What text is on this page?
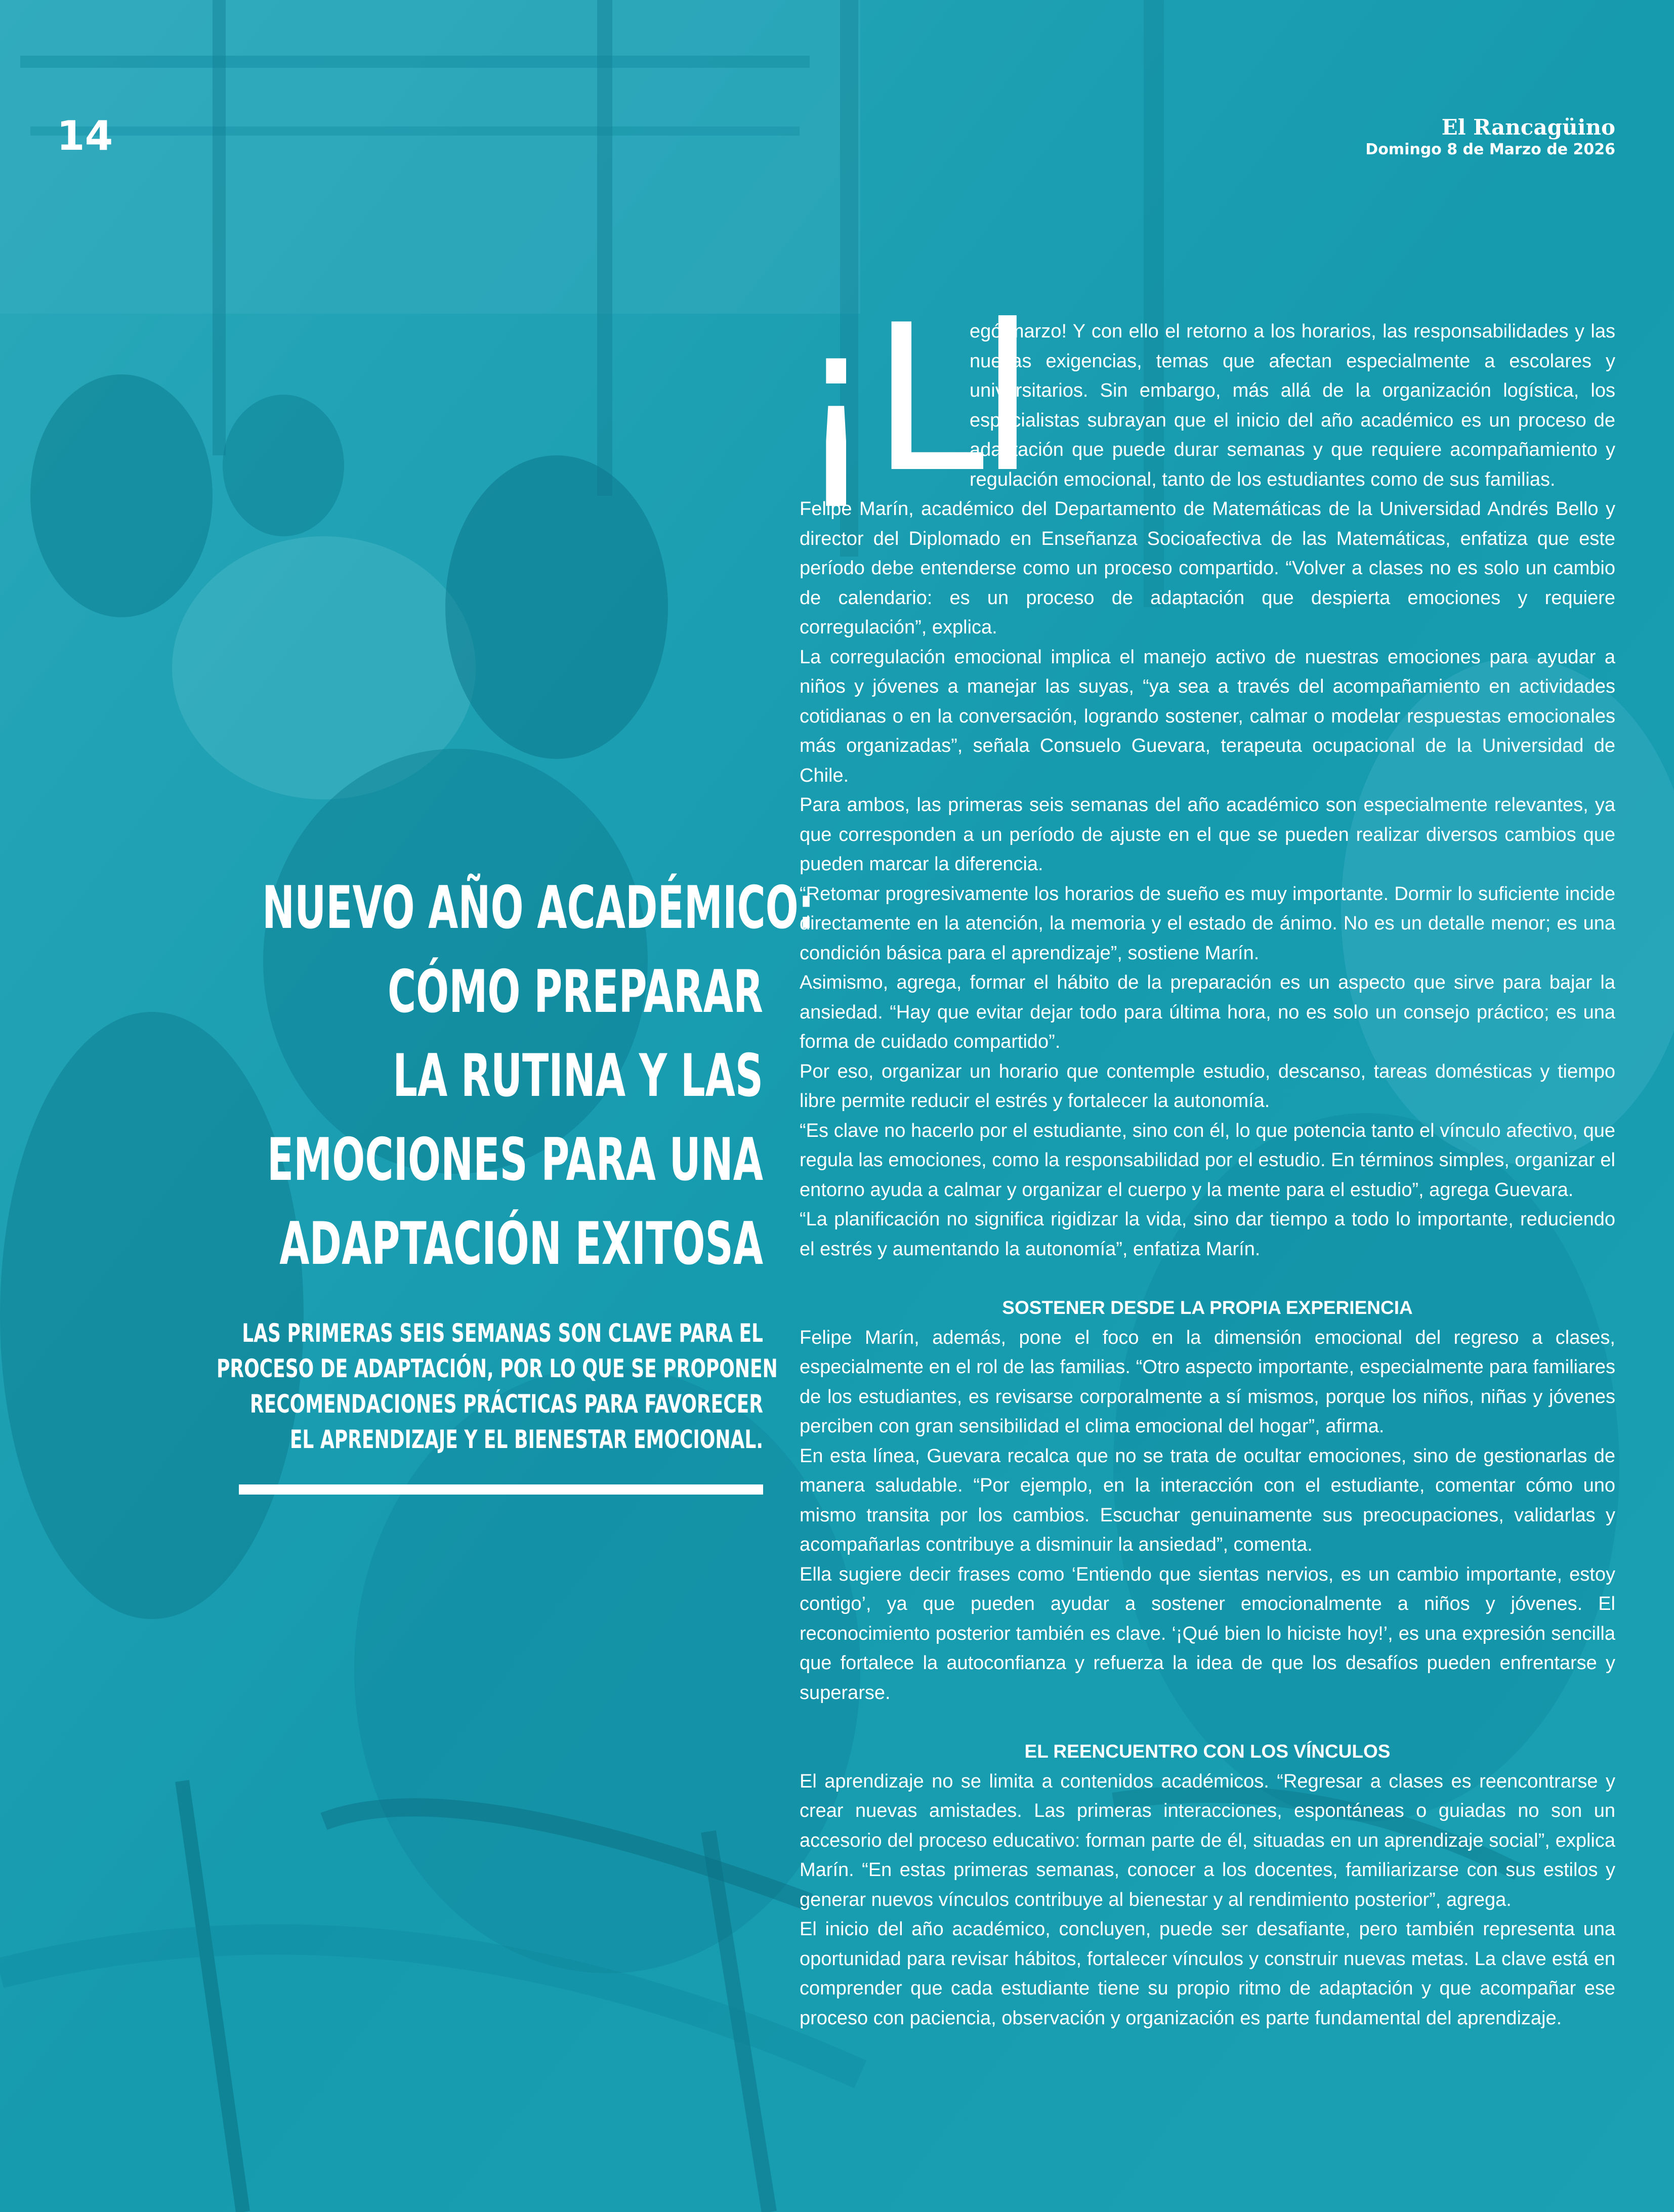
14	El Rancagüino
Domingo 8 de Marzo de 2026
NUEVO AÑO ACADÉMICO:
CÓMO PREPARAR
LA RUTINA Y LAS
EMOCIONES PARA UNA
ADAPTACIÓN EXITOSA
LAS PRIMERAS SEIS SEMANAS SON CLAVE PARA EL
PROCESO DE ADAPTACIÓN, POR LO QUE SE PROPONEN
RECOMENDACIONES PRÁCTICAS PARA FAVORECER
EL APRENDIZAJE Y EL BIENESTAR EMOCIONAL.
¡Ll

egó marzo! Y con ello el retorno a los horarios, las responsabilidades y las nuevas exigencias, temas que afectan especialmente a escolares y universitarios. Sin embargo, más allá de la organización logística, los especialistas subrayan que el inicio del año académico es un proceso de adaptación que puede durar semanas y que requiere acompañamiento y regulación emocional, tanto de los estudiantes como de sus familias.

Felipe Marín, académico del Departamento de Matemáticas de la Universidad Andrés Bello y director del Diplomado en Enseñanza Socioafectiva de las Matemáticas, enfatiza que este período debe entenderse como un proceso compartido. “Volver a clases no es solo un cambio de calendario: es un proceso de adaptación que despierta emociones y requiere corregulación”, explica.

La corregulación emocional implica el manejo activo de nuestras emociones para ayudar a niños y jóvenes a manejar las suyas, “ya sea a través del acompañamiento en actividades cotidianas o en la conversación, logrando sostener, calmar o modelar respuestas emocionales más organizadas”, señala Consuelo Guevara, terapeuta ocupacional de la Universidad de Chile.

Para ambos, las primeras seis semanas del año académico son especialmente relevantes, ya que corresponden a un período de ajuste en el que se pueden realizar diversos cambios que pueden marcar la diferencia.

“Retomar progresivamente los horarios de sueño es muy importante. Dormir lo suficiente incide directamente en la atención, la memoria y el estado de ánimo. No es un detalle menor; es una condición básica para el aprendizaje”, sostiene Marín.

Asimismo, agrega, formar el hábito de la preparación es un aspecto que sirve para bajar la ansiedad. “Hay que evitar dejar todo para última hora, no es solo un consejo práctico; es una forma de cuidado compartido”.

Por eso, organizar un horario que contemple estudio, descanso, tareas domésticas y tiempo libre permite reducir el estrés y fortalecer la autonomía.

“Es clave no hacerlo por el estudiante, sino con él, lo que potencia tanto el vínculo afectivo, que regula las emociones, como la responsabilidad por el estudio. En términos simples, organizar el entorno ayuda a calmar y organizar el cuerpo y la mente para el estudio”, agrega Guevara.

“La planificación no significa rigidizar la vida, sino dar tiempo a todo lo importante, reduciendo el estrés y aumentando la autonomía”, enfatiza Marín.

SOSTENER DESDE LA PROPIA EXPERIENCIA

Felipe Marín, además, pone el foco en la dimensión emocional del regreso a clases, especialmente en el rol de las familias. “Otro aspecto importante, especialmente para familiares de los estudiantes, es revisarse corporalmente a sí mismos, porque los niños, niñas y jóvenes perciben con gran sensibilidad el clima emocional del hogar”, afirma.

En esta línea, Guevara recalca que no se trata de ocultar emociones, sino de gestionarlas de manera saludable. “Por ejemplo, en la interacción con el estudiante, comentar cómo uno mismo transita por los cambios. Escuchar genuinamente sus preocupaciones, validarlas y acompañarlas contribuye a disminuir la ansiedad”, comenta.

Ella sugiere decir frases como ‘Entiendo que sientas nervios, es un cambio importante, estoy contigo’, ya que pueden ayudar a sostener emocionalmente a niños y jóvenes. El reconocimiento posterior también es clave. ‘¡Qué bien lo hiciste hoy!’, es una expresión sencilla que fortalece la autoconfianza y refuerza la idea de que los desafíos pueden enfrentarse y superarse.

EL REENCUENTRO CON LOS VÍNCULOS

El aprendizaje no se limita a contenidos académicos. “Regresar a clases es reencontrarse y crear nuevas amistades. Las primeras interacciones, espontáneas o guiadas no son un accesorio del proceso educativo: forman parte de él, situadas en un aprendizaje social”, explica Marín. “En estas primeras semanas, conocer a los docentes, familiarizarse con sus estilos y generar nuevos vínculos contribuye al bienestar y al rendimiento posterior”, agrega.

El inicio del año académico, concluyen, puede ser desafiante, pero también representa una oportunidad para revisar hábitos, fortalecer vínculos y construir nuevas metas. La clave está en comprender que cada estudiante tiene su propio ritmo de adaptación y que acompañar ese proceso con paciencia, observación y organización es parte fundamental del aprendizaje.
